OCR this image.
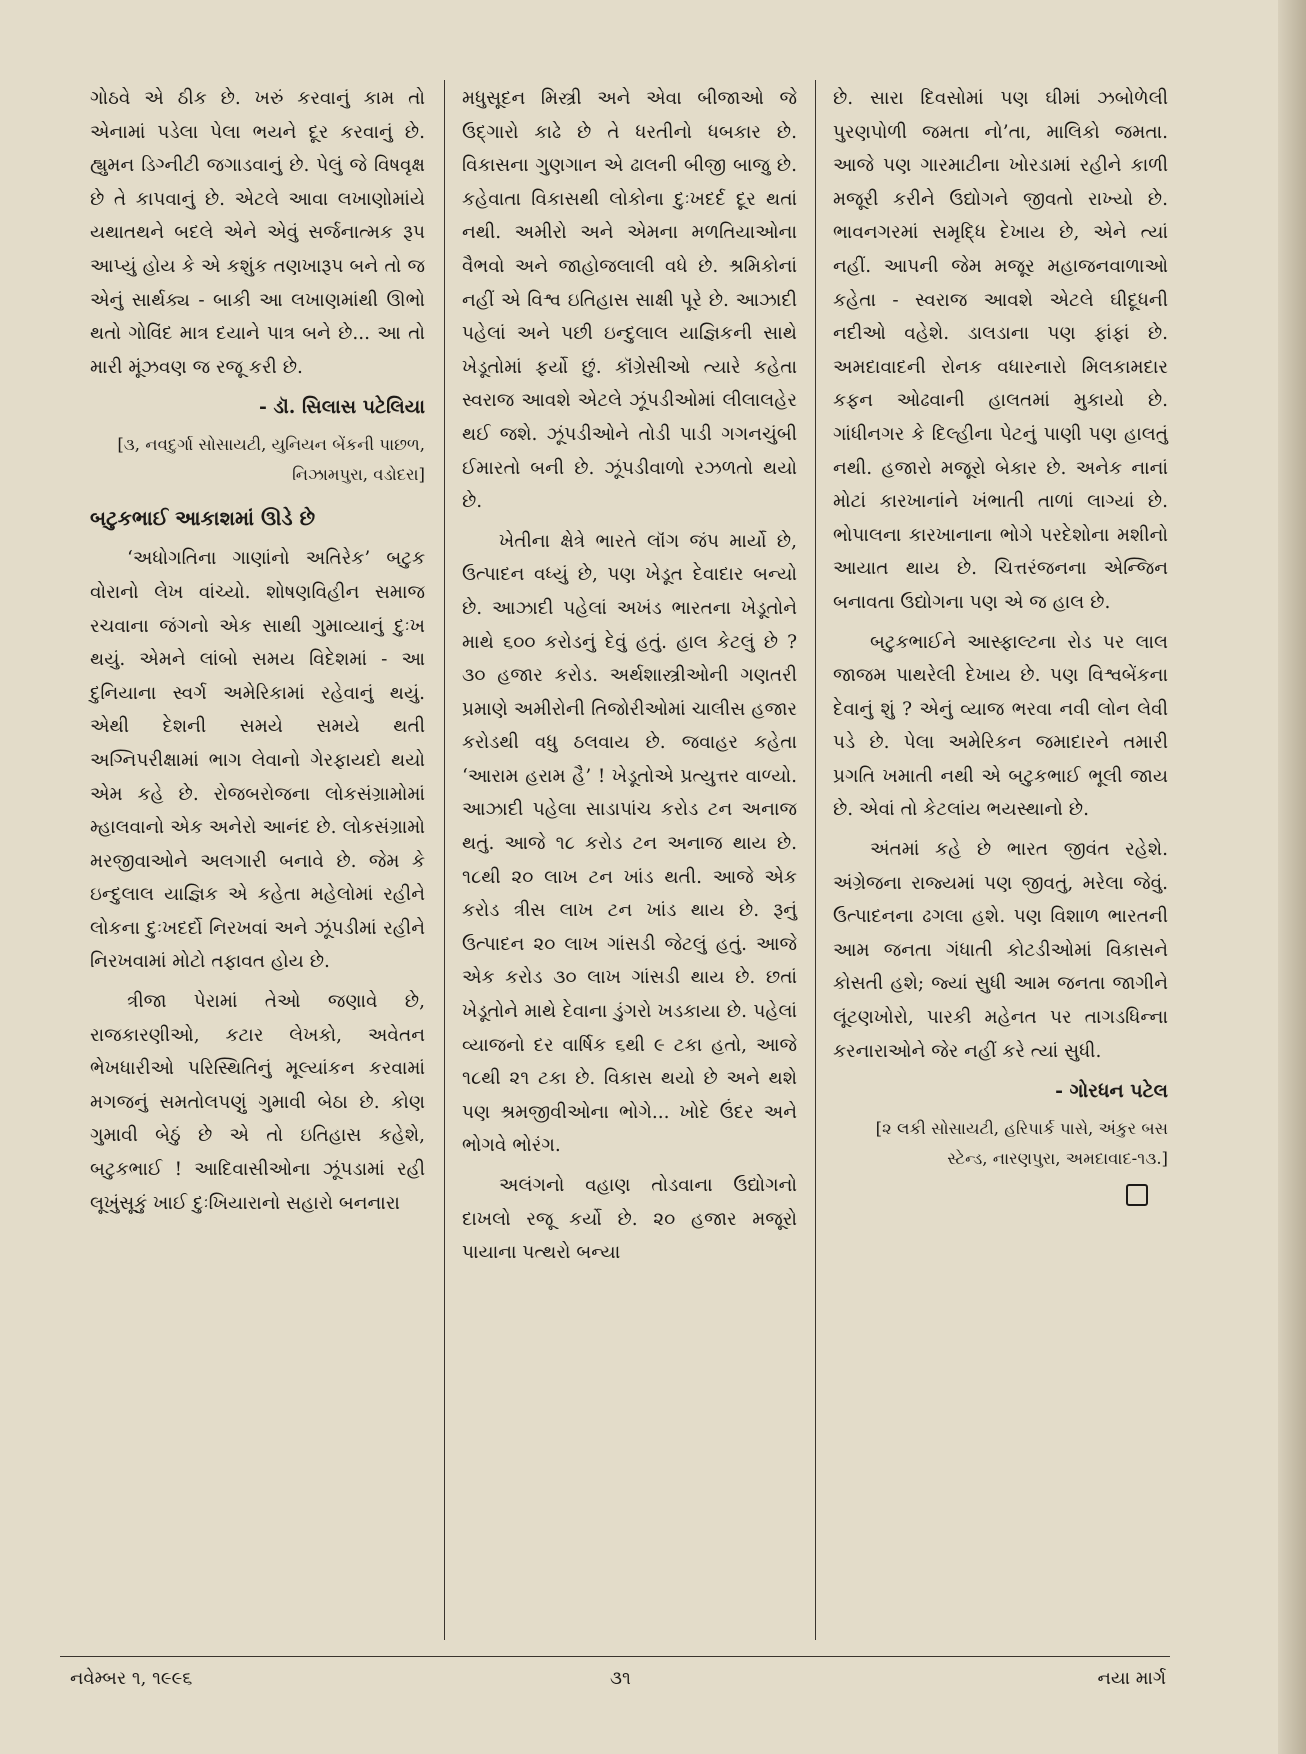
ગોઠવે એ ઠીક છે. ખરું કરવાનું કામ તો એનામાં પડેલા પેલા ભયને દૂર કરવાનું છે. હ્યુમન ડિગ્નીટી જગાડવાનું છે. પેલું જે વિષવૃક્ષ છે તે કાપવાનું છે. એટલે આવા લખાણોમાંયે યથાતથને બદલે એને એવું સર્જનાત્મક રૂપ આપ્યું હોય કે એ કશુંક તણખારૂપ બને તો જ એનું સાર્થક્ય - બાકી આ લખાણમાંથી ઊભો થતો ગોવિંદ માત્ર દયાને પાત્ર બને છે... આ તો મારી મૂંઝવણ જ રજૂ કરી છે.

- ડૉ. સિલાસ પટેલિયા
[૩, નવદુર્ગા સોસાયટી, યુનિયન બેંકની પાછળ, નિઝામપુરા, વડોદરા]
બટુકભાઈ આકાશમાં ઊડે છે

‘અધોગતિના ગાણાંનો અતિરેક’ બટુક વોરાનો લેખ વાંચ્યો. શોષણવિહીન સમાજ રચવાના જંગનો એક સાથી ગુમાવ્યાનું દુઃખ થયું. એમને લાંબો સમય વિદેશમાં - આ દુનિયાના સ્વર્ગ અમેરિકામાં રહેવાનું થયું. એથી દેશની સમયે સમયે થતી અગ્નિપરીક્ષામાં ભાગ લેવાનો ગેરફાયદો થયો એમ કહે છે. રોજબરોજના લોકસંગ્રામોમાં મ્હાલવાનો એક અનેરો આનંદ છે. લોકસંગ્રામો મરજીવાઓને અલગારી બનાવે છે. જેમ કે ઇન્દુલાલ યાજ્ઞિક એ કહેતા મહેલોમાં રહીને લોકના દુઃખદર્દો નિરખવાં અને ઝૂંપડીમાં રહીને નિરખવામાં મોટો તફાવત હોય છે.

ત્રીજા પેરામાં તેઓ જણાવે છે, રાજકારણીઓ, કટાર લેખકો, અવેતન ભેખધારીઓ પરિસ્થિતિનું મૂલ્યાંકન કરવામાં મગજનું સમતોલપણું ગુમાવી બેઠા છે. કોણ ગુમાવી બેઠું છે એ તો ઇતિહાસ કહેશે, બટુકભાઈ ! આદિવાસીઓના ઝૂંપડામાં રહી લૂખુંસૂકું ખાઈ દુઃખિયારાનો સહારો બનનારા

મધુસૂદન મિસ્ત્રી અને એવા બીજાઓ જે ઉદ્ગારો કાઢે છે તે ધરતીનો ધબકાર છે. વિકાસના ગુણગાન એ ઢાલની બીજી બાજુ છે. કહેવાતા વિકાસથી લોકોના દુઃખદર્દ દૂર થતાં નથી. અમીરો અને એમના મળતિયાઓના વૈભવો અને જાહોજલાલી વધે છે. શ્રમિકોનાં નહીં એ વિશ્વ ઇતિહાસ સાક્ષી પૂરે છે. આઝાદી પહેલાં અને પછી ઇન્દુલાલ યાજ્ઞિકની સાથે ખેડૂતોમાં ફર્યો છું. કૉંગ્રેસીઓ ત્યારે કહેતા સ્વરાજ આવશે એટલે ઝૂંપડીઓમાં લીલાલહેર થઈ જશે. ઝૂંપડીઓને તોડી પાડી ગગનચુંબી ઈમારતો બની છે. ઝૂંપડીવાળો રઝળતો થયો છે.

ખેતીના ક્ષેત્રે ભારતે લૉંગ જંપ માર્યો છે, ઉત્પાદન વધ્યું છે, પણ ખેડૂત દેવાદાર બન્યો છે. આઝાદી પહેલાં અખંડ ભારતના ખેડૂતોને માથે ૬૦૦ કરોડનું દેવું હતું. હાલ કેટલું છે ? ૩૦ હજાર કરોડ. અર્થશાસ્ત્રીઓની ગણતરી પ્રમાણે અમીરોની તિજોરીઓમાં ચાલીસ હજાર કરોડથી વધુ ઠલવાય છે. જવાહર કહેતા ‘આરામ હરામ હૈ’ ! ખેડૂતોએ પ્રત્યુત્તર વાળ્યો. આઝાદી પહેલા સાડાપાંચ કરોડ ટન અનાજ થતું. આજે ૧૮ કરોડ ટન અનાજ થાય છે. ૧૮થી ૨૦ લાખ ટન ખાંડ થતી. આજે એક કરોડ ત્રીસ લાખ ટન ખાંડ થાય છે. રૂનું ઉત્પાદન ૨૦ લાખ ગાંસડી જેટલું હતું. આજે એક કરોડ ૩૦ લાખ ગાંસડી થાય છે. છતાં ખેડૂતોને માથે દેવાના ડુંગરો ખડકાયા છે. પહેલાં વ્યાજનો દર વાર્ષિક ૬થી ૯ ટકા હતો, આજે ૧૮થી ૨૧ ટકા છે. વિકાસ થયો છે અને થશે પણ શ્રમજીવીઓના ભોગે... ખોદે ઉંદર અને ભોગવે ભોરંગ.

અલંગનો વહાણ તોડવાના ઉદ્યોગનો દાખલો રજૂ કર્યો છે. ૨૦ હજાર મજૂરો પાયાના પત્થરો બન્યા

છે. સારા દિવસોમાં પણ ઘીમાં ઝબોળેલી પુરણપોળી જમતા નો’તા, માલિકો જમતા. આજે પણ ગારમાટીના ખોરડામાં રહીને કાળી મજૂરી કરીને ઉદ્યોગને જીવતો રાખ્યો છે. ભાવનગરમાં સમૃદ્ધિ દેખાય છે, એને ત્યાં નહીં. આપની જેમ મજૂર મહાજનવાળાઓ કહેતા - સ્વરાજ આવશે એટલે ઘીદૂધની નદીઓ વહેશે. ડાલડાના પણ ફાંફાં છે. અમદાવાદની રોનક વધારનારો મિલકામદાર કફન ઓઢવાની હાલતમાં મુકાયો છે. ગાંધીનગર કે દિલ્હીના પેટનું પાણી પણ હાલતું નથી. હજારો મજૂરો બેકાર છે. અનેક નાનાં મોટાં કારખાનાંને ખંભાતી તાળાં લાગ્યાં છે. ભોપાલના કારખાનાના ભોગે પરદેશોના મશીનો આયાત થાય છે. ચિત્તરંજનના એન્જિન બનાવતા ઉદ્યોગના પણ એ જ હાલ છે.

બટુકભાઈને આસ્ફાલ્ટના રોડ પર લાલ જાજમ પાથરેલી દેખાય છે. પણ વિશ્વબેંકના દેવાનું શું ? એનું વ્યાજ ભરવા નવી લોન લેવી પડે છે. પેલા અમેરિકન જમાદારને તમારી પ્રગતિ ખમાતી નથી એ બટુકભાઈ ભૂલી જાય છે. એવાં તો કેટલાંય ભયસ્થાનો છે.

અંતમાં કહે છે ભારત જીવંત રહેશે. અંગ્રેજના રાજ્યમાં પણ જીવતું, મરેલા જેવું. ઉત્પાદનના ઢગલા હશે. પણ વિશાળ ભારતની આમ જનતા ગંધાતી કોટડીઓમાં વિકાસને કોસતી હશે; જ્યાં સુધી આમ જનતા જાગીને લૂંટણખોરો, પારકી મહેનત પર તાગડધિન્ના કરનારાઓને જેર નહીં કરે ત્યાં સુધી.

- ગોરધન પટેલ
[૨ લકી સોસાયટી, હરિપાર્ક પાસે, અંકુર બસ સ્ટેન્ડ, નારણપુરા, અમદાવાદ-૧૩.]
નવેમ્બર ૧, ૧૯૯૬	૩૧	નયા માર્ગ
